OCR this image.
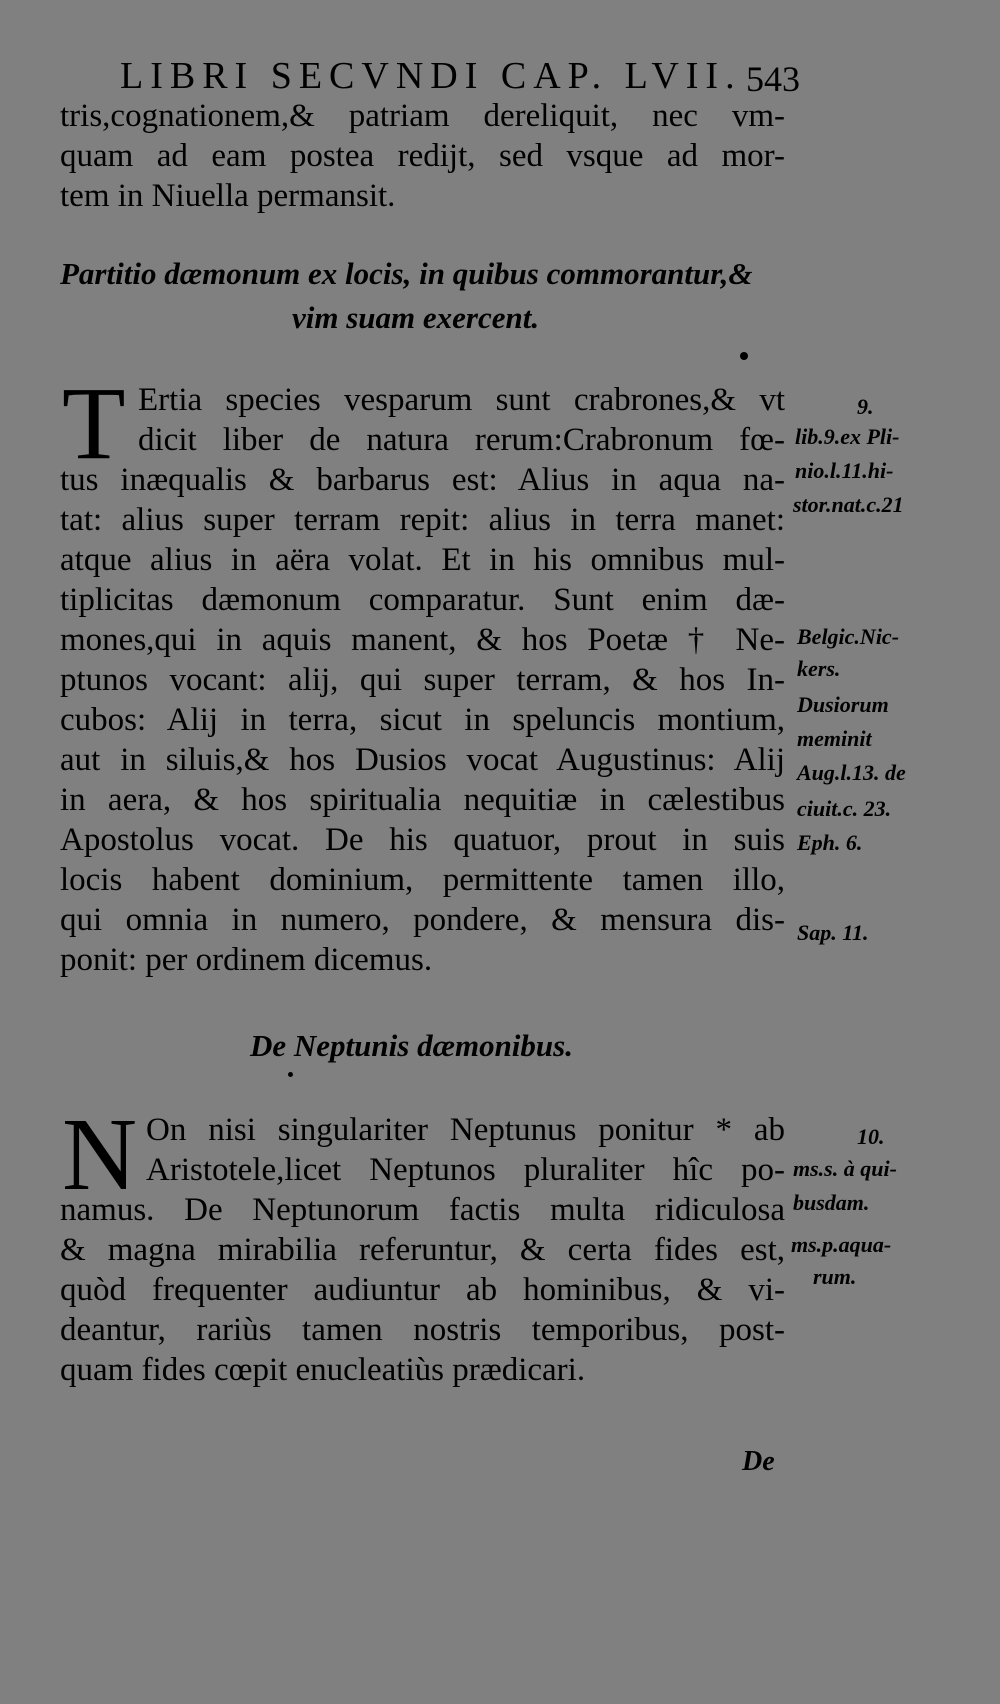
LIBRI SECVNDI CAP. LVII. 543
tris,cognationem,& patriam dereliquit, nec vm-
quam ad eam postea redijt, sed vsque ad mor-
tem in Niuella permansit.
Partitio dæmonum ex locis, in quibus commorantur,&
vim suam exercent.
T Ertia species vesparum sunt crabrones,& vt
dicit liber de natura rerum:Crabronum fœ-
tus inæqualis & barbarus est: Alius in aqua na-
tat: alius super terram repit: alius in terra manet:
atque alius in aëra volat. Et in his omnibus mul-
tiplicitas dæmonum comparatur. Sunt enim dæ-
mones,qui in aquis manent, & hos Poetæ † Ne-
ptunos vocant: alij, qui super terram, & hos In-
cubos: Alij in terra, sicut in speluncis montium,
aut in siluis,& hos Dusios vocat Augustinus: Alij
in aera, & hos spiritualia nequitiæ in cælestibus
Apostolus vocat. De his quatuor, prout in suis
locis habent dominium, permittente tamen illo,
qui omnia in numero, pondere, & mensura dis-
ponit: per ordinem dicemus.
De Neptunis dæmonibus.
N On nisi singulariter Neptunus ponitur * ab
Aristotele,licet Neptunos pluraliter hîc po-
namus. De Neptunorum factis multa ridiculosa
& magna mirabilia referuntur, & certa fides est,
quòd frequenter audiuntur ab hominibus, & vi-
deantur, rariùs tamen nostris temporibus, post-
quam fides cœpit enucleatiùs prædicari.
9.
lib.9.ex Pli-
nio.l.11.hi-
stor.nat.c.21
Belgic.Nic-
kers.
Dusiorum
meminit
Aug.l.13. de
ciuit.c. 23.
Eph. 6.
Sap. 11.
10.
ms.s. à qui-
busdam.
ms.p.aqua-
rum.
De
